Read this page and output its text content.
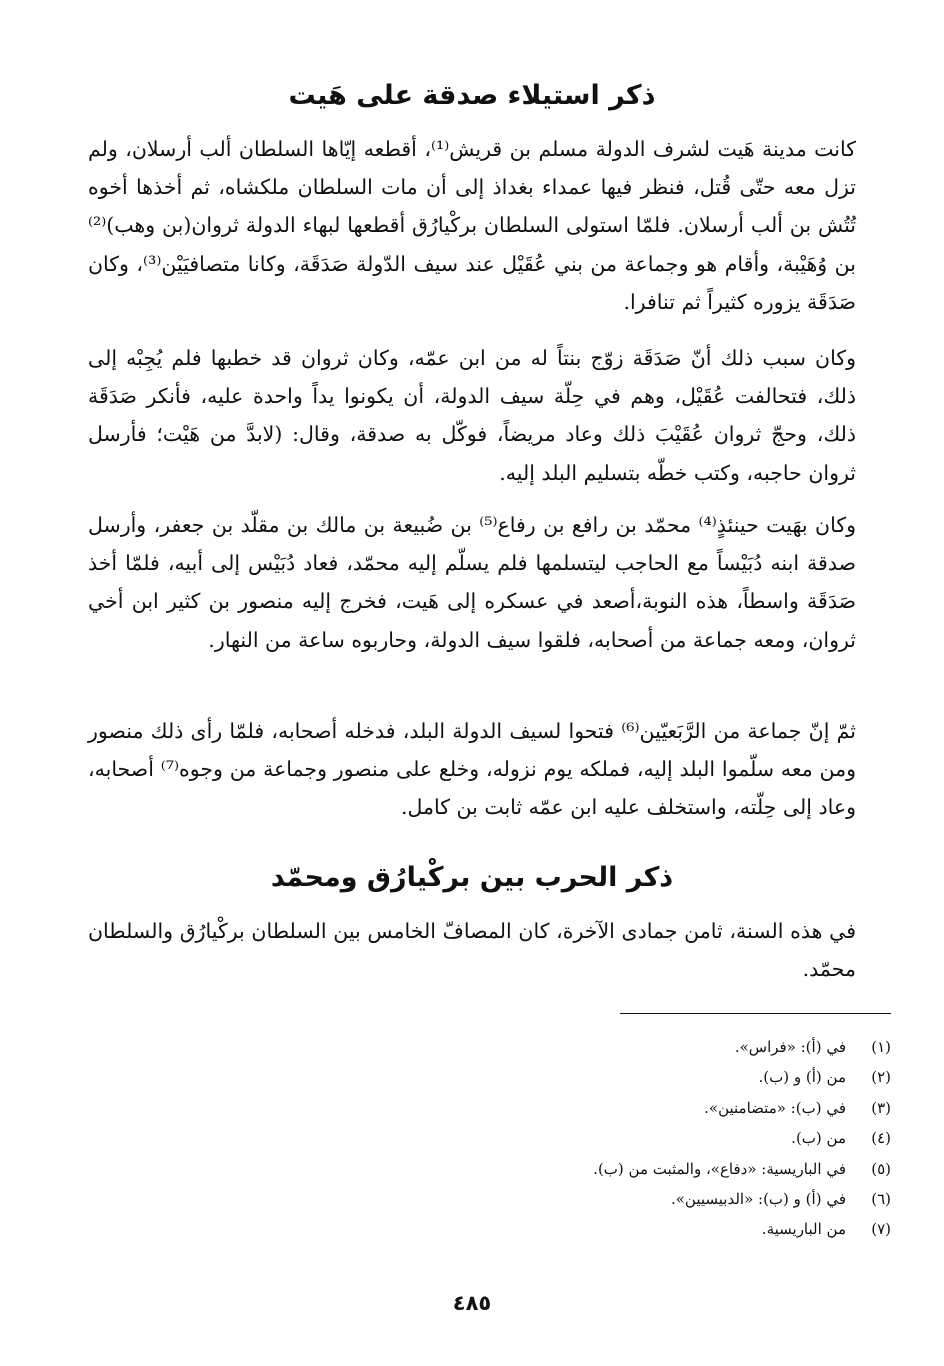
ذكر استيلاء صدقة على هَيت

كانت مدينة هَيت لشرف الدولة مسلم بن قريش⁽¹⁾، أقطعه إيّاها السلطان ألب أرسلان، ولم تزل معه حتّى قُتل، فنظر فيها عمداء بغداذ إلى أن مات السلطان ملكشاه، ثم أخذها أخوه تُتُش بن ألب أرسلان. فلمّا استولى السلطان بركْيارُق أقطعها لبهاء الدولة ثروان(بن وهب)⁽²⁾ بن وُهَيْبة، وأقام هو وجماعة من بني عُقَيْل عند سيف الدّولة صَدَقَة، وكانا متصافيَيْن⁽³⁾، وكان صَدَقَة يزوره كثيراً ثم تنافرا.

وكان سبب ذلك أنّ صَدَقَة زوّج بنتاً له من ابن عمّه، وكان ثروان قد خطبها فلم يُجِبْه إلى ذلك، فتحالفت عُقَيْل، وهم في حِلّة سيف الدولة، أن يكونوا يداً واحدة عليه، فأنكر صَدَقَة ذلك، وحجّ ثروان عُقَيْبَ ذلك وعاد مريضاً، فوكّل به صدقة، وقال: (لابدَّ من هَيْت؛ فأرسل ثروان حاجبه، وكتب خطّه بتسليم البلد إليه.

وكان بهَيت حينئذٍ⁽⁴⁾ محمّد بن رافع بن رفاع⁽⁵⁾ بن ضُبيعة بن مالك بن مقلّد بن جعفر، وأرسل صدقة ابنه دُبَيْساً مع الحاجب ليتسلمها فلم يسلّم إليه محمّد، فعاد دُبَيْس إلى أبيه، فلمّا أخذ صَدَقَة واسطاً، هذه النوبة،أصعد في عسكره إلى هَيت، فخرج إليه منصور بن كثير ابن أخي ثروان، ومعه جماعة من أصحابه، فلقوا سيف الدولة، وحاربوه ساعة من النهار.

ثمّ إنّ جماعة من الرَّبَعيّين⁽⁶⁾ فتحوا لسيف الدولة البلد، فدخله أصحابه، فلمّا رأى ذلك منصور ومن معه سلّموا البلد إليه، فملكه يوم نزوله، وخلع على منصور وجماعة من وجوه⁽⁷⁾ أصحابه، وعاد إلى حِلّته، واستخلف عليه ابن عمّه ثابت بن كامل.

ذكر الحرب بين بركْيارُق ومحمّد

في هذه السنة، ثامن جمادى الآخرة، كان المصافّ الخامس بين السلطان بركْيارُق والسلطان محمّد.

(١)
في (أ): «فراس».
(٢)
من (أ) و (ب).
(٣)
في (ب): «متضامنين».
(٤)
من (ب).
(٥)
في الباريسية: «دفاع»، والمثبت من (ب).
(٦)
في (أ) و (ب): «الدبيسيين».
(٧)
من الباريسية.
٤٨٥
